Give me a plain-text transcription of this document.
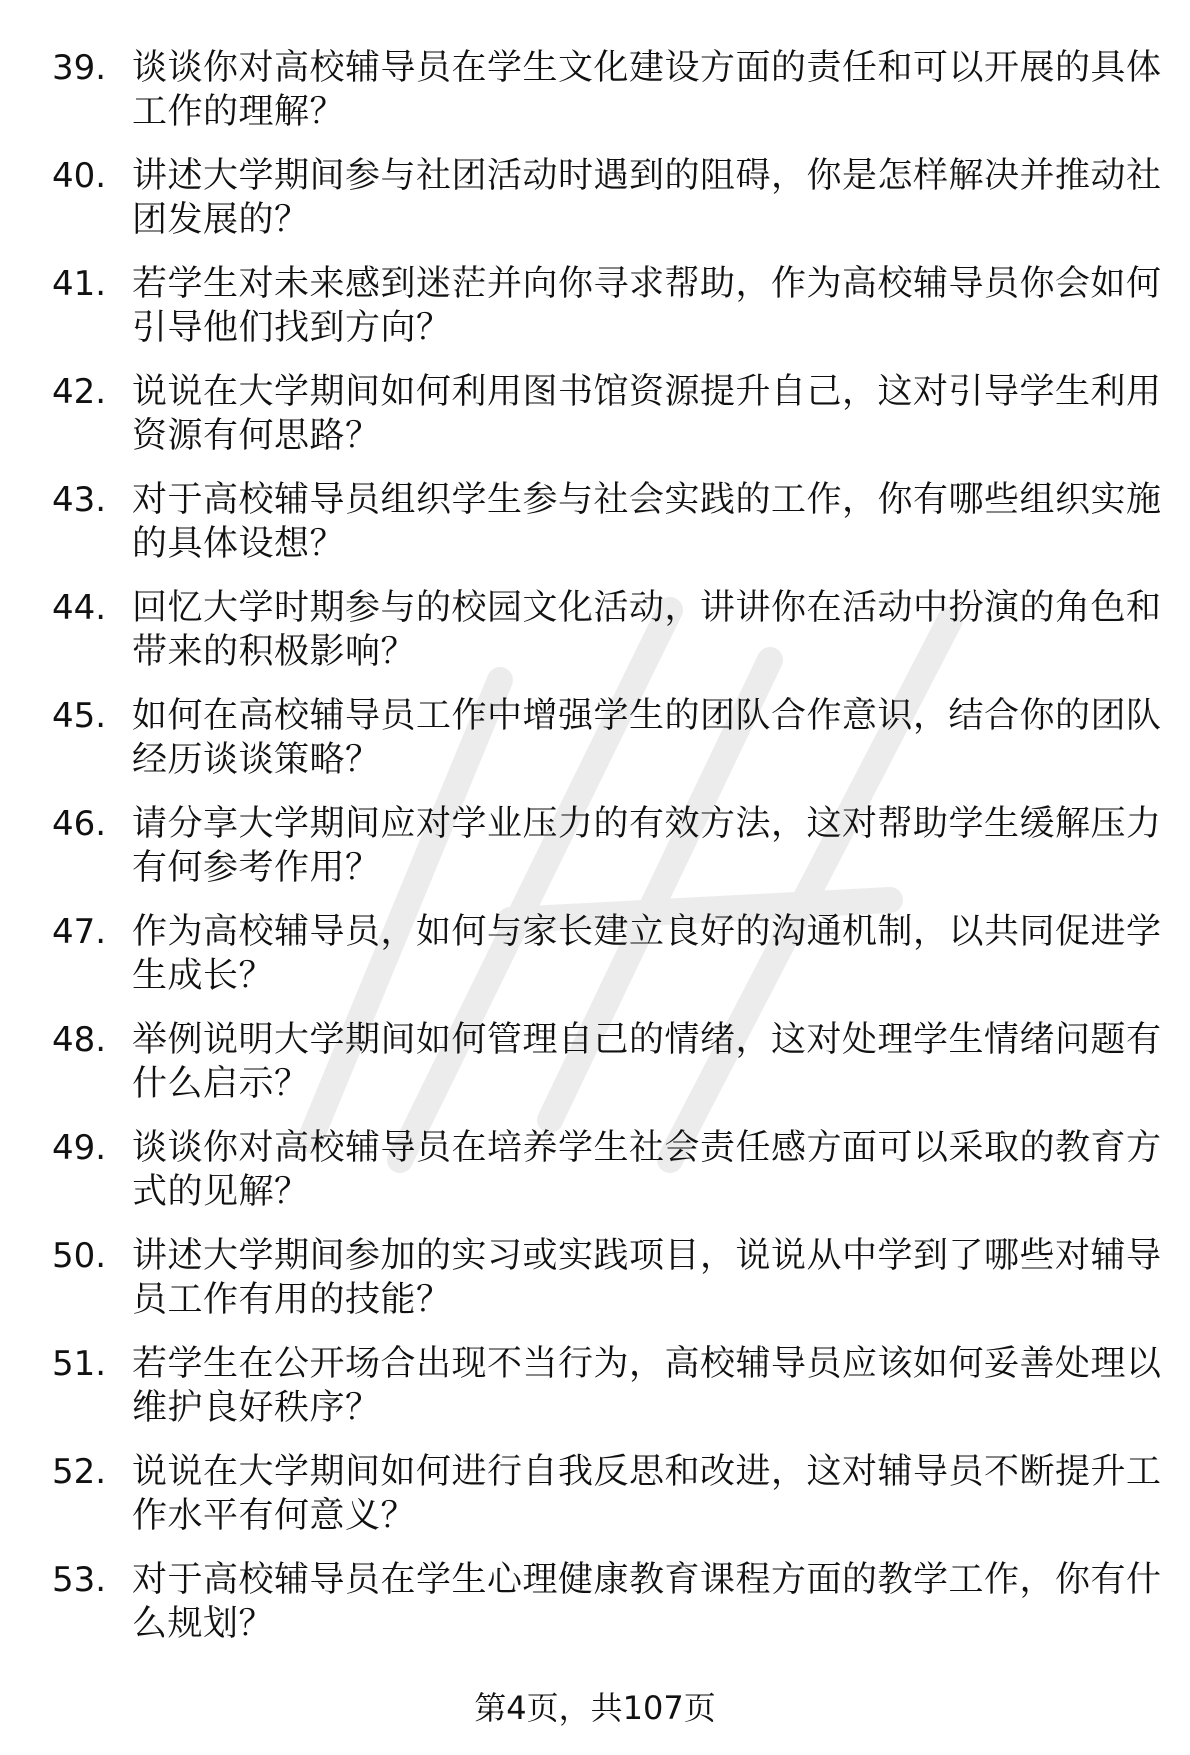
39. 谈谈你对高校辅导员在学生文化建设方面的责任和可以开展的具体工作的理解？
40. 讲述大学期间参与社团活动时遇到的阻碍，你是怎样解决并推动社团发展的？
41. 若学生对未来感到迷茫并向你寻求帮助，作为高校辅导员你会如何引导他们找到方向？
42. 说说在大学期间如何利用图书馆资源提升自己，这对引导学生利用资源有何思路？
43. 对于高校辅导员组织学生参与社会实践的工作，你有哪些组织实施的具体设想？
44. 回忆大学时期参与的校园文化活动，讲讲你在活动中扮演的角色和带来的积极影响？
45. 如何在高校辅导员工作中增强学生的团队合作意识，结合你的团队经历谈谈策略？
46. 请分享大学期间应对学业压力的有效方法，这对帮助学生缓解压力有何参考作用？
47. 作为高校辅导员，如何与家长建立良好的沟通机制，以共同促进学生成长？
48. 举例说明大学期间如何管理自己的情绪，这对处理学生情绪问题有什么启示？
49. 谈谈你对高校辅导员在培养学生社会责任感方面可以采取的教育方式的见解？
50. 讲述大学期间参加的实习或实践项目，说说从中学到了哪些对辅导员工作有用的技能？
51. 若学生在公开场合出现不当行为，高校辅导员应该如何妥善处理以维护良好秩序？
52. 说说在大学期间如何进行自我反思和改进，这对辅导员不断提升工作水平有何意义？
53. 对于高校辅导员在学生心理健康教育课程方面的教学工作，你有什么规划？
第4页，共107页
